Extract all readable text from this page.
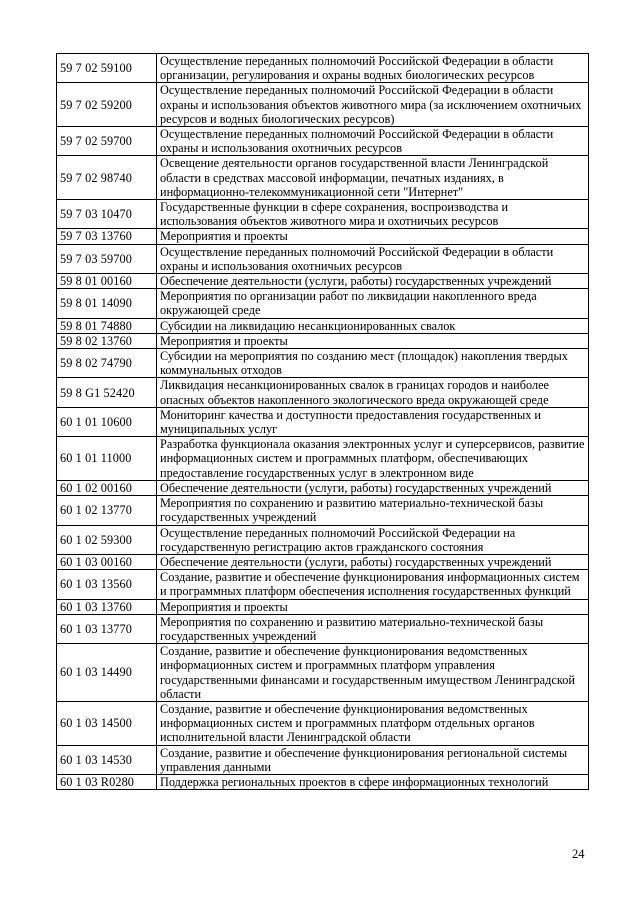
59 7 02 59100	Осуществление переданных полномочий Российской Федерации в области организации, регулирования и охраны водных биологических ресурсов
59 7 02 59200	Осуществление переданных полномочий Российской Федерации в области охраны и использования объектов животного мира (за исключением охотничьих ресурсов и водных биологических ресурсов)
59 7 02 59700	Осуществление переданных полномочий Российской Федерации в области охраны и использования охотничьих ресурсов
59 7 02 98740	Освещение деятельности органов государственной власти Ленинградской области в средствах массовой информации, печатных изданиях, в информационно-телекоммуникационной сети "Интернет"
59 7 03 10470	Государственные функции в сфере сохранения, воспроизводства и использования объектов животного мира и охотничьих ресурсов
59 7 03 13760	Мероприятия и проекты
59 7 03 59700	Осуществление переданных полномочий Российской Федерации в области охраны и использования охотничьих ресурсов
59 8 01 00160	Обеспечение деятельности (услуги, работы) государственных учреждений
59 8 01 14090	Мероприятия по организации работ по ликвидации накопленного вреда окружающей среде
59 8 01 74880	Субсидии на ликвидацию несанкционированных свалок
59 8 02 13760	Мероприятия и проекты
59 8 02 74790	Субсидии на мероприятия по созданию мест (площадок) накопления твердых коммунальных отходов
59 8 G1 52420	Ликвидация несанкционированных свалок в границах городов и наиболее опасных объектов накопленного экологического вреда окружающей среде
60 1 01 10600	Мониторинг качества и доступности предоставления государственных и муниципальных услуг
60 1 01 11000	Разработка функционала оказания электронных услуг и суперсервисов, развитие информационных систем и программных платформ, обеспечивающих предоставление государственных услуг в электронном виде
60 1 02 00160	Обеспечение деятельности (услуги, работы) государственных учреждений
60 1 02 13770	Мероприятия по сохранению и развитию материально-технической базы государственных учреждений
60 1 02 59300	Осуществление переданных полномочий Российской Федерации на государственную регистрацию актов гражданского состояния
60 1 03 00160	Обеспечение деятельности (услуги, работы) государственных учреждений
60 1 03 13560	Создание, развитие и обеспечение функционирования информационных систем и программных платформ обеспечения исполнения государственных функций
60 1 03 13760	Мероприятия и проекты
60 1 03 13770	Мероприятия по сохранению и развитию материально-технической базы государственных учреждений
60 1 03 14490	Создание, развитие и обеспечение функционирования ведомственных информационных систем и программных платформ управления государственными финансами и государственным имуществом Ленинградской области
60 1 03 14500	Создание, развитие и обеспечение функционирования ведомственных информационных систем и программных платформ отдельных органов исполнительной власти Ленинградской области
60 1 03 14530	Создание, развитие и обеспечение функционирования региональной системы управления данными
60 1 03 R0280	Поддержка региональных проектов в сфере информационных технологий
24
